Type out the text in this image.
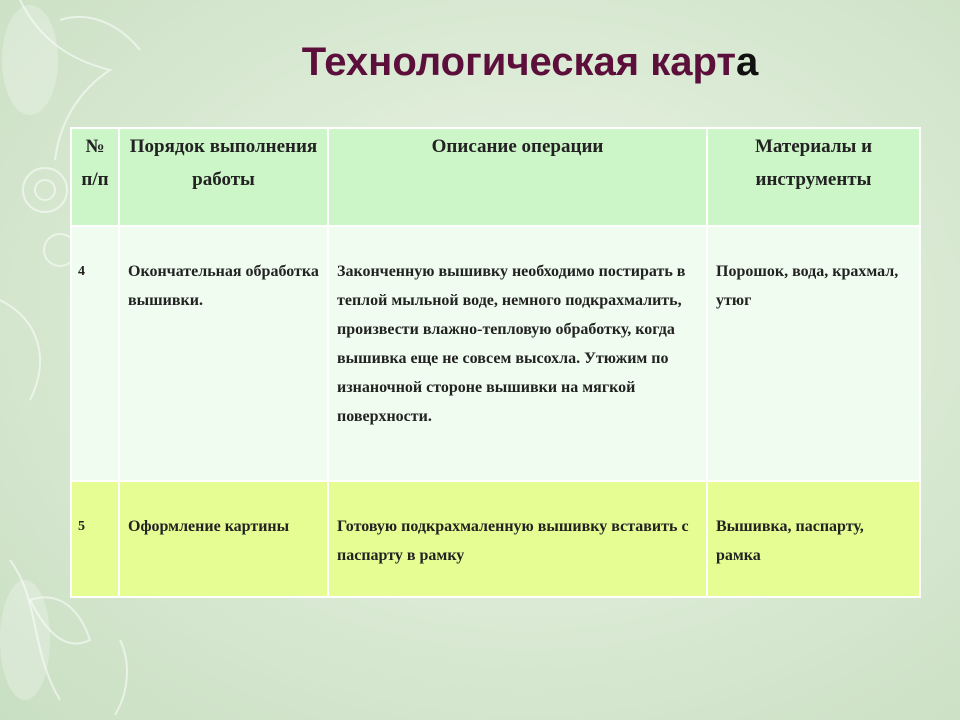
Технологическая карта
№ п/п	Порядок выполнения работы	Описание операции	Материалы и инструменты
4	Окончательная обработка вышивки.	Законченную вышивку необходимо постирать в теплой мыльной воде, немного подкрахмалить, произвести влажно-тепловую обработку, когда вышивка еще не совсем высохла. Утюжим по изнаночной стороне вышивки на мягкой поверхности.	Порошок, вода, крахмал, утюг
5	Оформление картины	Готовую подкрахмаленную вышивку вставить с паспарту в рамку	Вышивка, паспарту, рамка
